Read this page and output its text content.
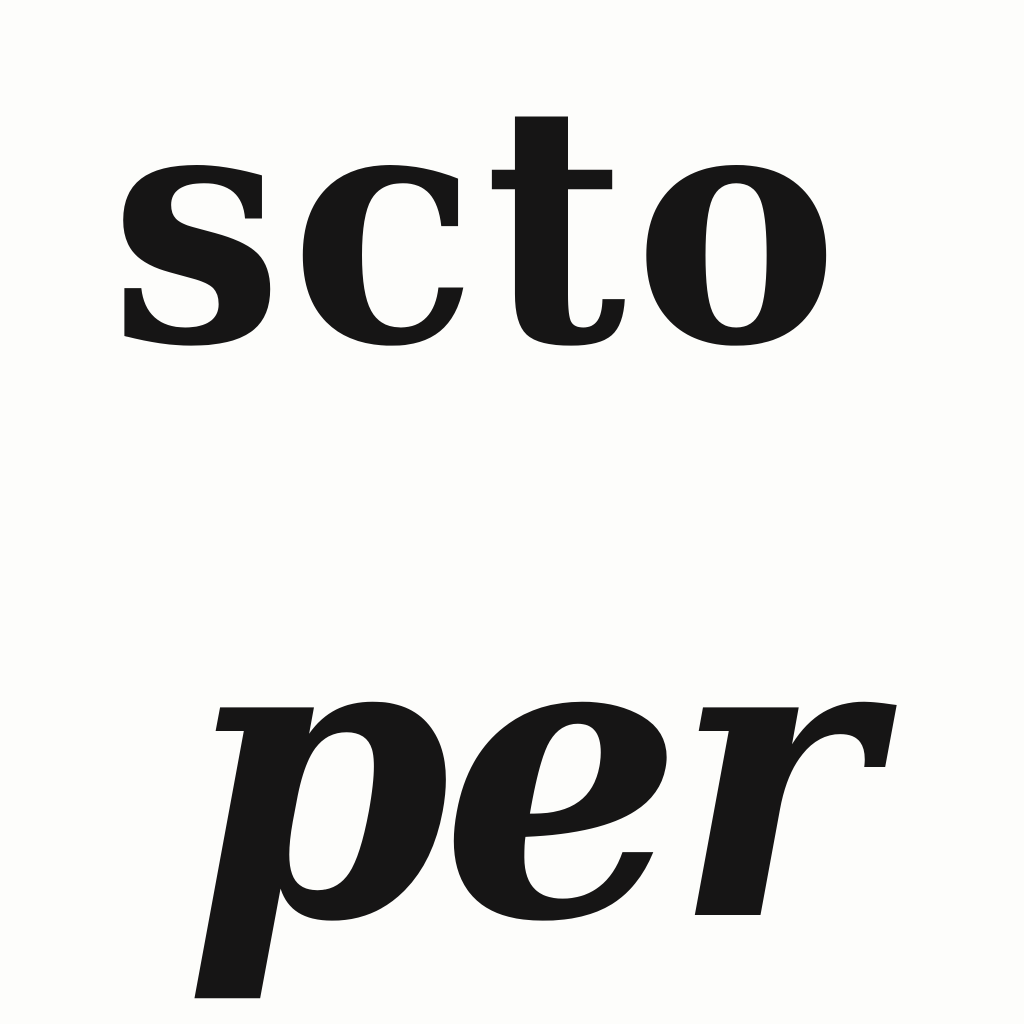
scto

per
